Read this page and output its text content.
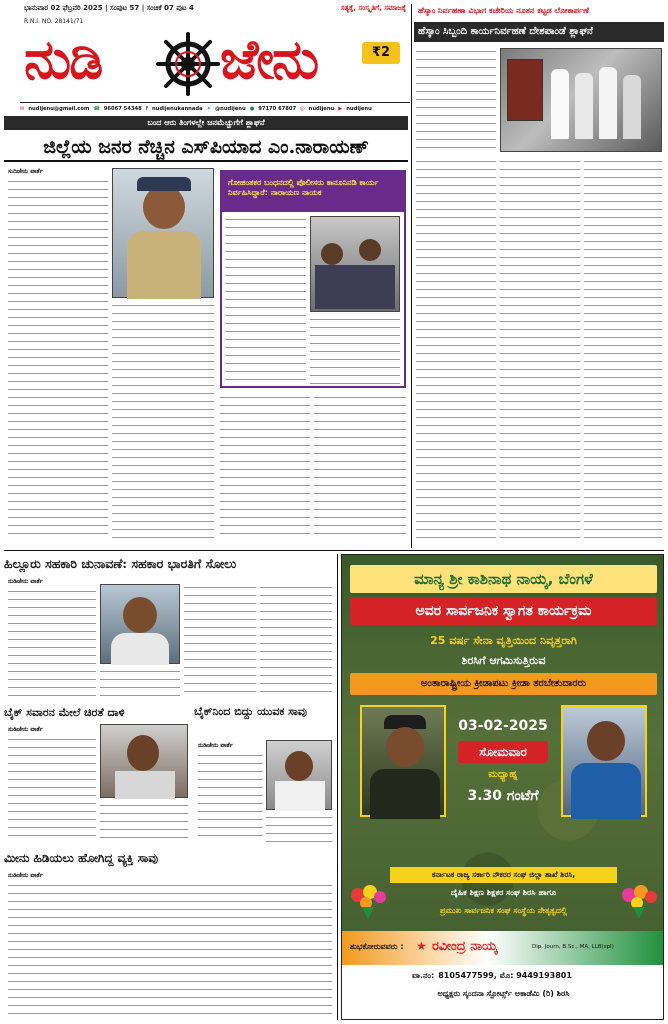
ಭಾನುವಾರ 02 ಫೆಬ್ರವರಿ 2025 | ಸಂಪುಟ 57 | ಸಂಚಿಕೆ 07 ಪುಟ 4	ಸತ್ಯಕ್ಕೆ, ಸಂಸ್ಕೃತಿಗೆ, ಸಮಾಜಕ್ಕೆ
R.N.I. NO. 28141/71
ನುಡಿ ಜೇನು	₹2
✉ nudijenu@gmail.com ☎ 96067 54348 f nudijenukannada ✦ @nudijenu ● 97170 67807 ◎ nudijenu ▶ nudijenu
ಹೆಸ್ಕಾಂ ನಿರ್ವಹಣಾ ವಿಭಾಗ ಕಚೇರಿಯ ನೂತನ ಕಟ್ಟಡ ಲೋಕಾರ್ಪಣೆ
ಹೆಸ್ಕಾಂ ಸಿಬ್ಬಂದಿ ಕಾರ್ಯನಿರ್ವಹಣೆ ದೇಶಪಾಂಡೆ ಶ್ಲಾಘನೆ
ಬಂದ ಆರು ತಿಂಗಳಲ್ಲೇ ಜನಮೆಚ್ಚುಗೆಗೆ ಶ್ಲಾಘನೆ
ಜಿಲ್ಲೆಯ ಜನರ ನೆಚ್ಚಿನ ಎಸ್‌ಪಿಯಾದ ಎಂ.ನಾರಾಯಣ್
ಸುದಿಜೇನು ವಾರ್ತೆ
ಗೋಹಂತಕರ ಬಂಧನದಲ್ಲಿ ಪೊಲೀಸರು ಕಾನೂನಿನಡಿ ಕಾರ್ಯ ನಿರ್ವಹಿಸಿದ್ದಾರೆ: ನಾರಾಯಣ ನಾಯಕ
ಹಿಲ್ಲೂರು ಸಹಕಾರಿ ಚುನಾವಣೆ: ಸಹಕಾರ ಭಾರತಿಗೆ ಸೋಲು
ನುಡಿಜೇನು ವಾರ್ತೆ
ಬೈಕ್ ಸವಾರನ ಮೇಲೆ ಚಿರತೆ ದಾಳಿ
ನುಡಿಜೇನು ವಾರ್ತೆ
ಬೈಕ್‌ನಿಂದ ಬಿದ್ದು ಯುವಕ ಸಾವು
ನುಡಿಜೇನು ವಾರ್ತೆ
ಮೀನು ಹಿಡಿಯಲು ಹೋಗಿದ್ದ ವ್ಯಕ್ತಿ ಸಾವು
ನುಡಿಜೇನು ವಾರ್ತೆ
ಮಾನ್ಯ ಶ್ರೀ ಕಾಶಿನಾಥ ನಾಯ್ಕ, ಬೆಂಗಳೆ
ಅವರ ಸಾರ್ವಜನಿಕ ಸ್ವಾಗತ ಕಾರ್ಯಕ್ರಮ
25 ವರ್ಷ ಸೇನಾ ವೃತ್ತಿಯಿಂದ ನಿವೃತ್ತರಾಗಿ
ಶಿರಸಿಗೆ ಆಗಮಿಸುತ್ತಿರುವ
ಅಂತಾರಾಷ್ಟ್ರೀಯ ಕ್ರೀಡಾಪಟು ಕ್ರೀಡಾ ತರಬೇತುದಾರರು
03-02-2025
ಸೋಮವಾರ
ಮಧ್ಯಾಹ್ನ
3.30 ಗಂಟೆಗೆ
ಕರ್ನಾಟಕ ರಾಜ್ಯ ಸರ್ಕಾರಿ ನೌಕರರ ಸಂಘ ಜಿಲ್ಲಾ ಶಾಖೆ ಶಿರಸಿ,
ದೈಹಿಕ ಶಿಕ್ಷಣ ಶಿಕ್ಷಕರ ಸಂಘ ಶಿರಸಿ ಹಾಗೂ
ಪ್ರಮುಖ ಸಾರ್ವಜನಿಕ ಸಂಘ ಸಂಸ್ಥೆಯ ನೇತೃತ್ವದಲ್ಲಿ
ಶುಭಕೋರುವವರು : ★ ರವೀಂದ್ರ ನಾಯ್ಕ	Dip. Journ, B.Sc., MA, LLB(spl)
ವಾ.ನಂ: 8105477599, ಮೊ: 9449193801
ಅಧ್ಯಕ್ಷರು ಸ್ಕಂದನಾ ಸ್ಪೋರ್ಟ್ಸ್ ಅಕಾಡೆಮಿ (ರಿ) ಶಿರಸಿ
